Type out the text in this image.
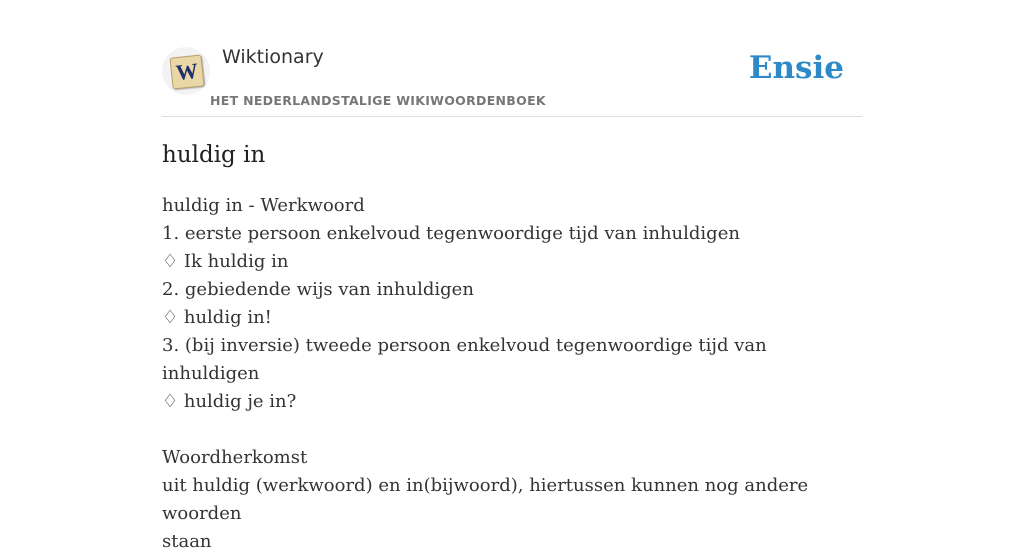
W
Wiktionary
HET NEDERLANDSTALIGE WIKIWOORDENBOEK
Ensie
huldig in
huldig in - Werkwoord
1. eerste persoon enkelvoud tegenwoordige tijd van inhuldigen
♢ Ik huldig in
2. gebiedende wijs van inhuldigen
♢ huldig in!
3. (bij inversie) tweede persoon enkelvoud tegenwoordige tijd van inhuldigen
♢ huldig je in?
Woordherkomst
uit huldig (werkwoord) en in(bijwoord), hiertussen kunnen nog andere woorden
staan
